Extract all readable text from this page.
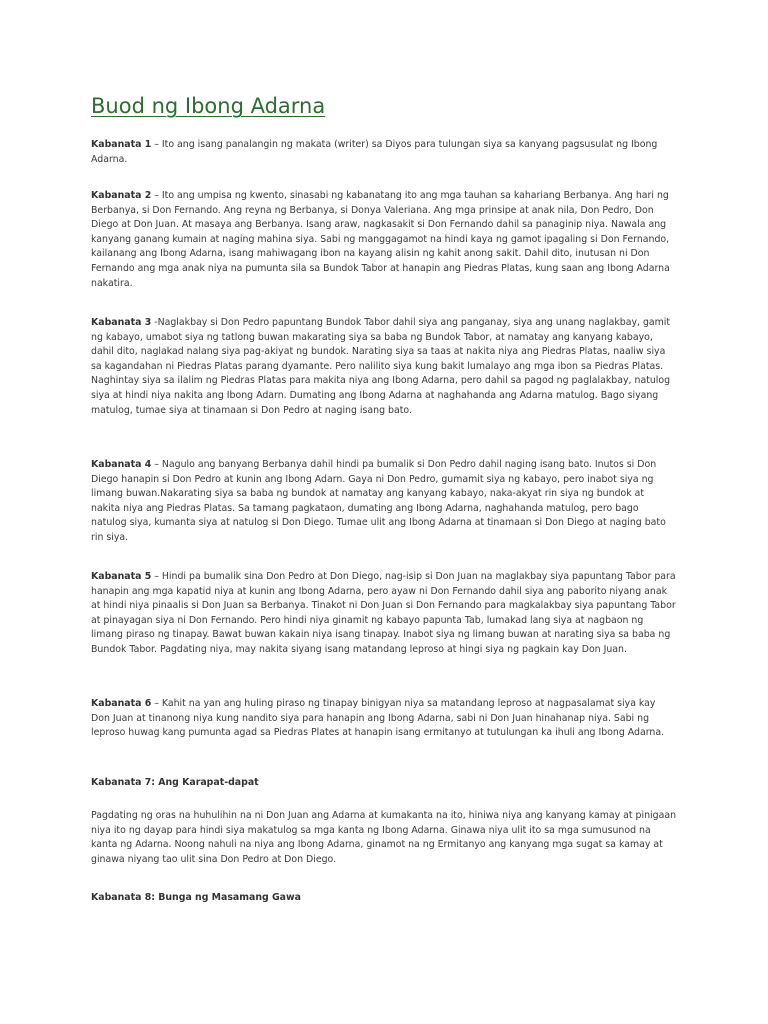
Buod ng Ibong Adarna

Kabanata 1 – Ito ang isang panalangin ng makata (writer) sa Diyos para tulungan siya sa kanyang pagsusulat ng Ibong Adarna.

Kabanata 2 – Ito ang umpisa ng kwento, sinasabi ng kabanatang ito ang mga tauhan sa kahariang Berbanya. Ang hari ng Berbanya, si Don Fernando. Ang reyna ng Berbanya, si Donya Valeriana. Ang mga prinsipe at anak nila, Don Pedro, Don Diego at Don Juan. At masaya ang Berbanya. Isang araw, nagkasakit si Don Fernando dahil sa panaginip niya. Nawala ang kanyang ganang kumain at naging mahina siya. Sabi ng manggagamot na hindi kaya ng gamot ipagaling si Don Fernando, kailanang ang Ibong Adarna, isang mahiwagang ibon na kayang alisin ng kahit anong sakit. Dahil dito, inutusan ni Don Fernando ang mga anak niya na pumunta sila sa Bundok Tabor at hanapin ang Piedras Platas, kung saan ang Ibong Adarna nakatira.

Kabanata 3 -Naglakbay si Don Pedro papuntang Bundok Tabor dahil siya ang panganay, siya ang unang naglakbay, gamit ng kabayo, umabot siya ng tatlong buwan makarating siya sa baba ng Bundok Tabor, at namatay ang kanyang kabayo, dahil dito, naglakad nalang siya pag-akiyat ng bundok. Narating siya sa taas at nakita niya ang Piedras Platas, naaliw siya sa kagandahan ni Piedras Platas parang dyamante. Pero nalilito siya kung bakit lumalayo ang mga ibon sa Piedras Platas. Naghintay siya sa ilalim ng Piedras Platas para makita niya ang Ibong Adarna, pero dahil sa pagod ng paglalakbay, natulog siya at hindi niya nakita ang Ibong Adarn. Dumating ang Ibong Adarna at naghahanda ang Adarna matulog. Bago siyang matulog, tumae siya at tinamaan si Don Pedro at naging isang bato.

Kabanata 4 – Nagulo ang banyang Berbanya dahil hindi pa bumalik si Don Pedro dahil naging isang bato. Inutos si Don Diego hanapin si Don Pedro at kunin ang Ibong Adarn. Gaya ni Don Pedro, gumamit siya ng kabayo, pero inabot siya ng limang buwan.Nakarating siya sa baba ng bundok at namatay ang kanyang kabayo, naka-akyat rin siya ng bundok at nakita niya ang Piedras Platas. Sa tamang pagkataon, dumating ang Ibong Adarna, naghahanda matulog, pero bago natulog siya, kumanta siya at natulog si Don Diego. Tumae ulit ang Ibong Adarna at tinamaan si Don Diego at naging bato rin siya.

Kabanata 5 – Hindi pa bumalik sina Don Pedro at Don Diego, nag-isip si Don Juan na maglakbay siya papuntang Tabor para hanapin ang mga kapatid niya at kunin ang Ibong Adarna, pero ayaw ni Don Fernando dahil siya ang paborito niyang anak at hindi niya pinaalis si Don Juan sa Berbanya. Tinakot ni Don Juan si Don Fernando para magkalakbay siya papuntang Tabor at pinayagan siya ni Don Fernando. Pero hindi niya ginamit ng kabayo papunta Tab, lumakad lang siya at nagbaon ng limang piraso ng tinapay. Bawat buwan kakain niya isang tinapay. Inabot siya ng limang buwan at narating siya sa baba ng Bundok Tabor. Pagdating niya, may nakita siyang isang matandang leproso at hingi siya ng pagkain kay Don Juan.

Kabanata 6 – Kahit na yan ang huling piraso ng tinapay binigyan niya sa matandang leproso at nagpasalamat siya kay Don Juan at tinanong niya kung nandito siya para hanapin ang Ibong Adarna, sabi ni Don Juan hinahanap niya. Sabi ng leproso huwag kang pumunta agad sa Piedras Plates at hanapin isang ermitanyo at tutulungan ka ihuli ang Ibong Adarna.

Kabanata 7: Ang Karapat-dapat

Pagdating ng oras na huhulihin na ni Don Juan ang Adarna at kumakanta na ito, hiniwa niya ang kanyang kamay at pinigaan niya ito ng dayap para hindi siya makatulog sa mga kanta ng Ibong Adarna. Ginawa niya ulit ito sa mga sumusunod na kanta ng Adarna. Noong nahuli na niya ang Ibong Adarna, ginamot na ng Ermitanyo ang kanyang mga sugat sa kamay at ginawa niyang tao ulit sina Don Pedro at Don Diego.

Kabanata 8: Bunga ng Masamang Gawa
